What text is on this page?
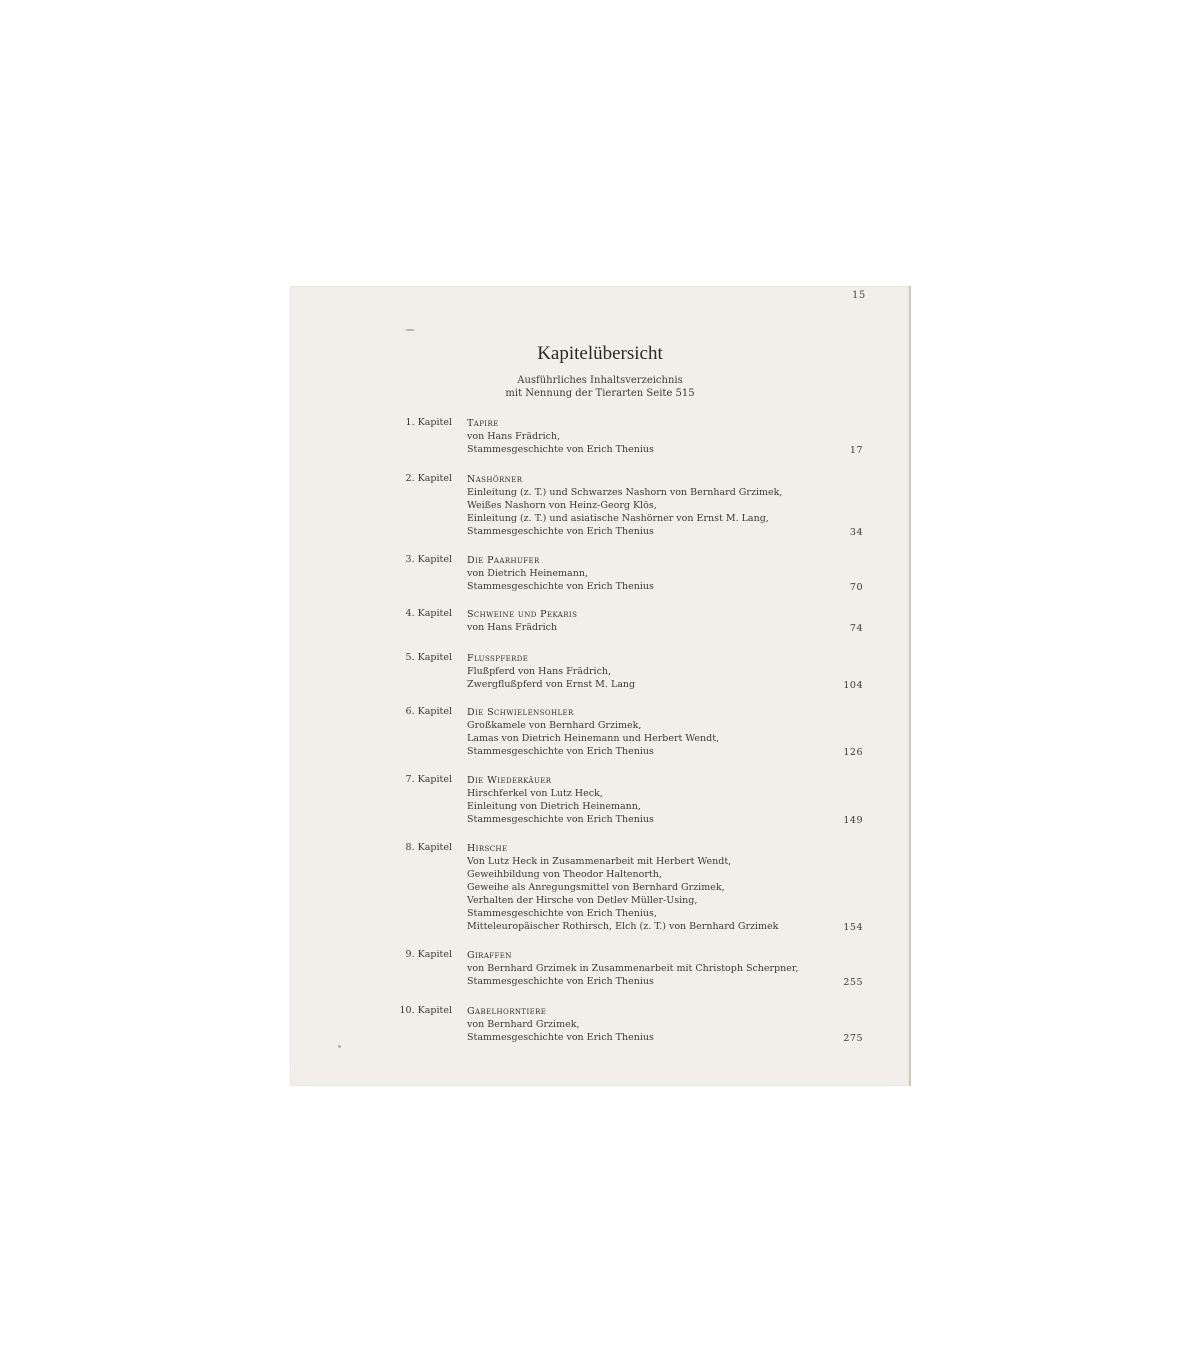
15
Kapitelübersicht
Ausführliches Inhaltsverzeichnis
mit Nennung der Tierarten Seite 515
1. Kapitel Tapire
von Hans Frädrich,
Stammesgeschichte von Erich Thenius	17
2. Kapitel Nashörner
Einleitung (z. T.) und Schwarzes Nashorn von Bernhard Grzimek,
Weißes Nashorn von Heinz-Georg Klös,
Einleitung (z. T.) und asiatische Nashörner von Ernst M. Lang,
Stammesgeschichte von Erich Thenius	34
3. Kapitel Die Paarhufer
von Dietrich Heinemann,
Stammesgeschichte von Erich Thenius	70
4. Kapitel Schweine und Pekaris
von Hans Frädrich	74
5. Kapitel Flusspferde
Flußpferd von Hans Frädrich,
Zwergflußpferd von Ernst M. Lang	104
6. Kapitel Die Schwielensohler
Großkamele von Bernhard Grzimek,
Lamas von Dietrich Heinemann und Herbert Wendt,
Stammesgeschichte von Erich Thenius	126
7. Kapitel Die Wiederkäuer
Hirschferkel von Lutz Heck,
Einleitung von Dietrich Heinemann,
Stammesgeschichte von Erich Thenius	149
8. Kapitel Hirsche
Von Lutz Heck in Zusammenarbeit mit Herbert Wendt,
Geweihbildung von Theodor Haltenorth,
Geweihe als Anregungsmittel von Bernhard Grzimek,
Verhalten der Hirsche von Detlev Müller-Using,
Stammesgeschichte von Erich Thenius,
Mitteleuropäischer Rothirsch, Elch (z. T.) von Bernhard Grzimek	154
9. Kapitel Giraffen
von Bernhard Grzimek in Zusammenarbeit mit Christoph Scherpner,
Stammesgeschichte von Erich Thenius	255
10. Kapitel Gabelhorntiere
von Bernhard Grzimek,
Stammesgeschichte von Erich Thenius	275
